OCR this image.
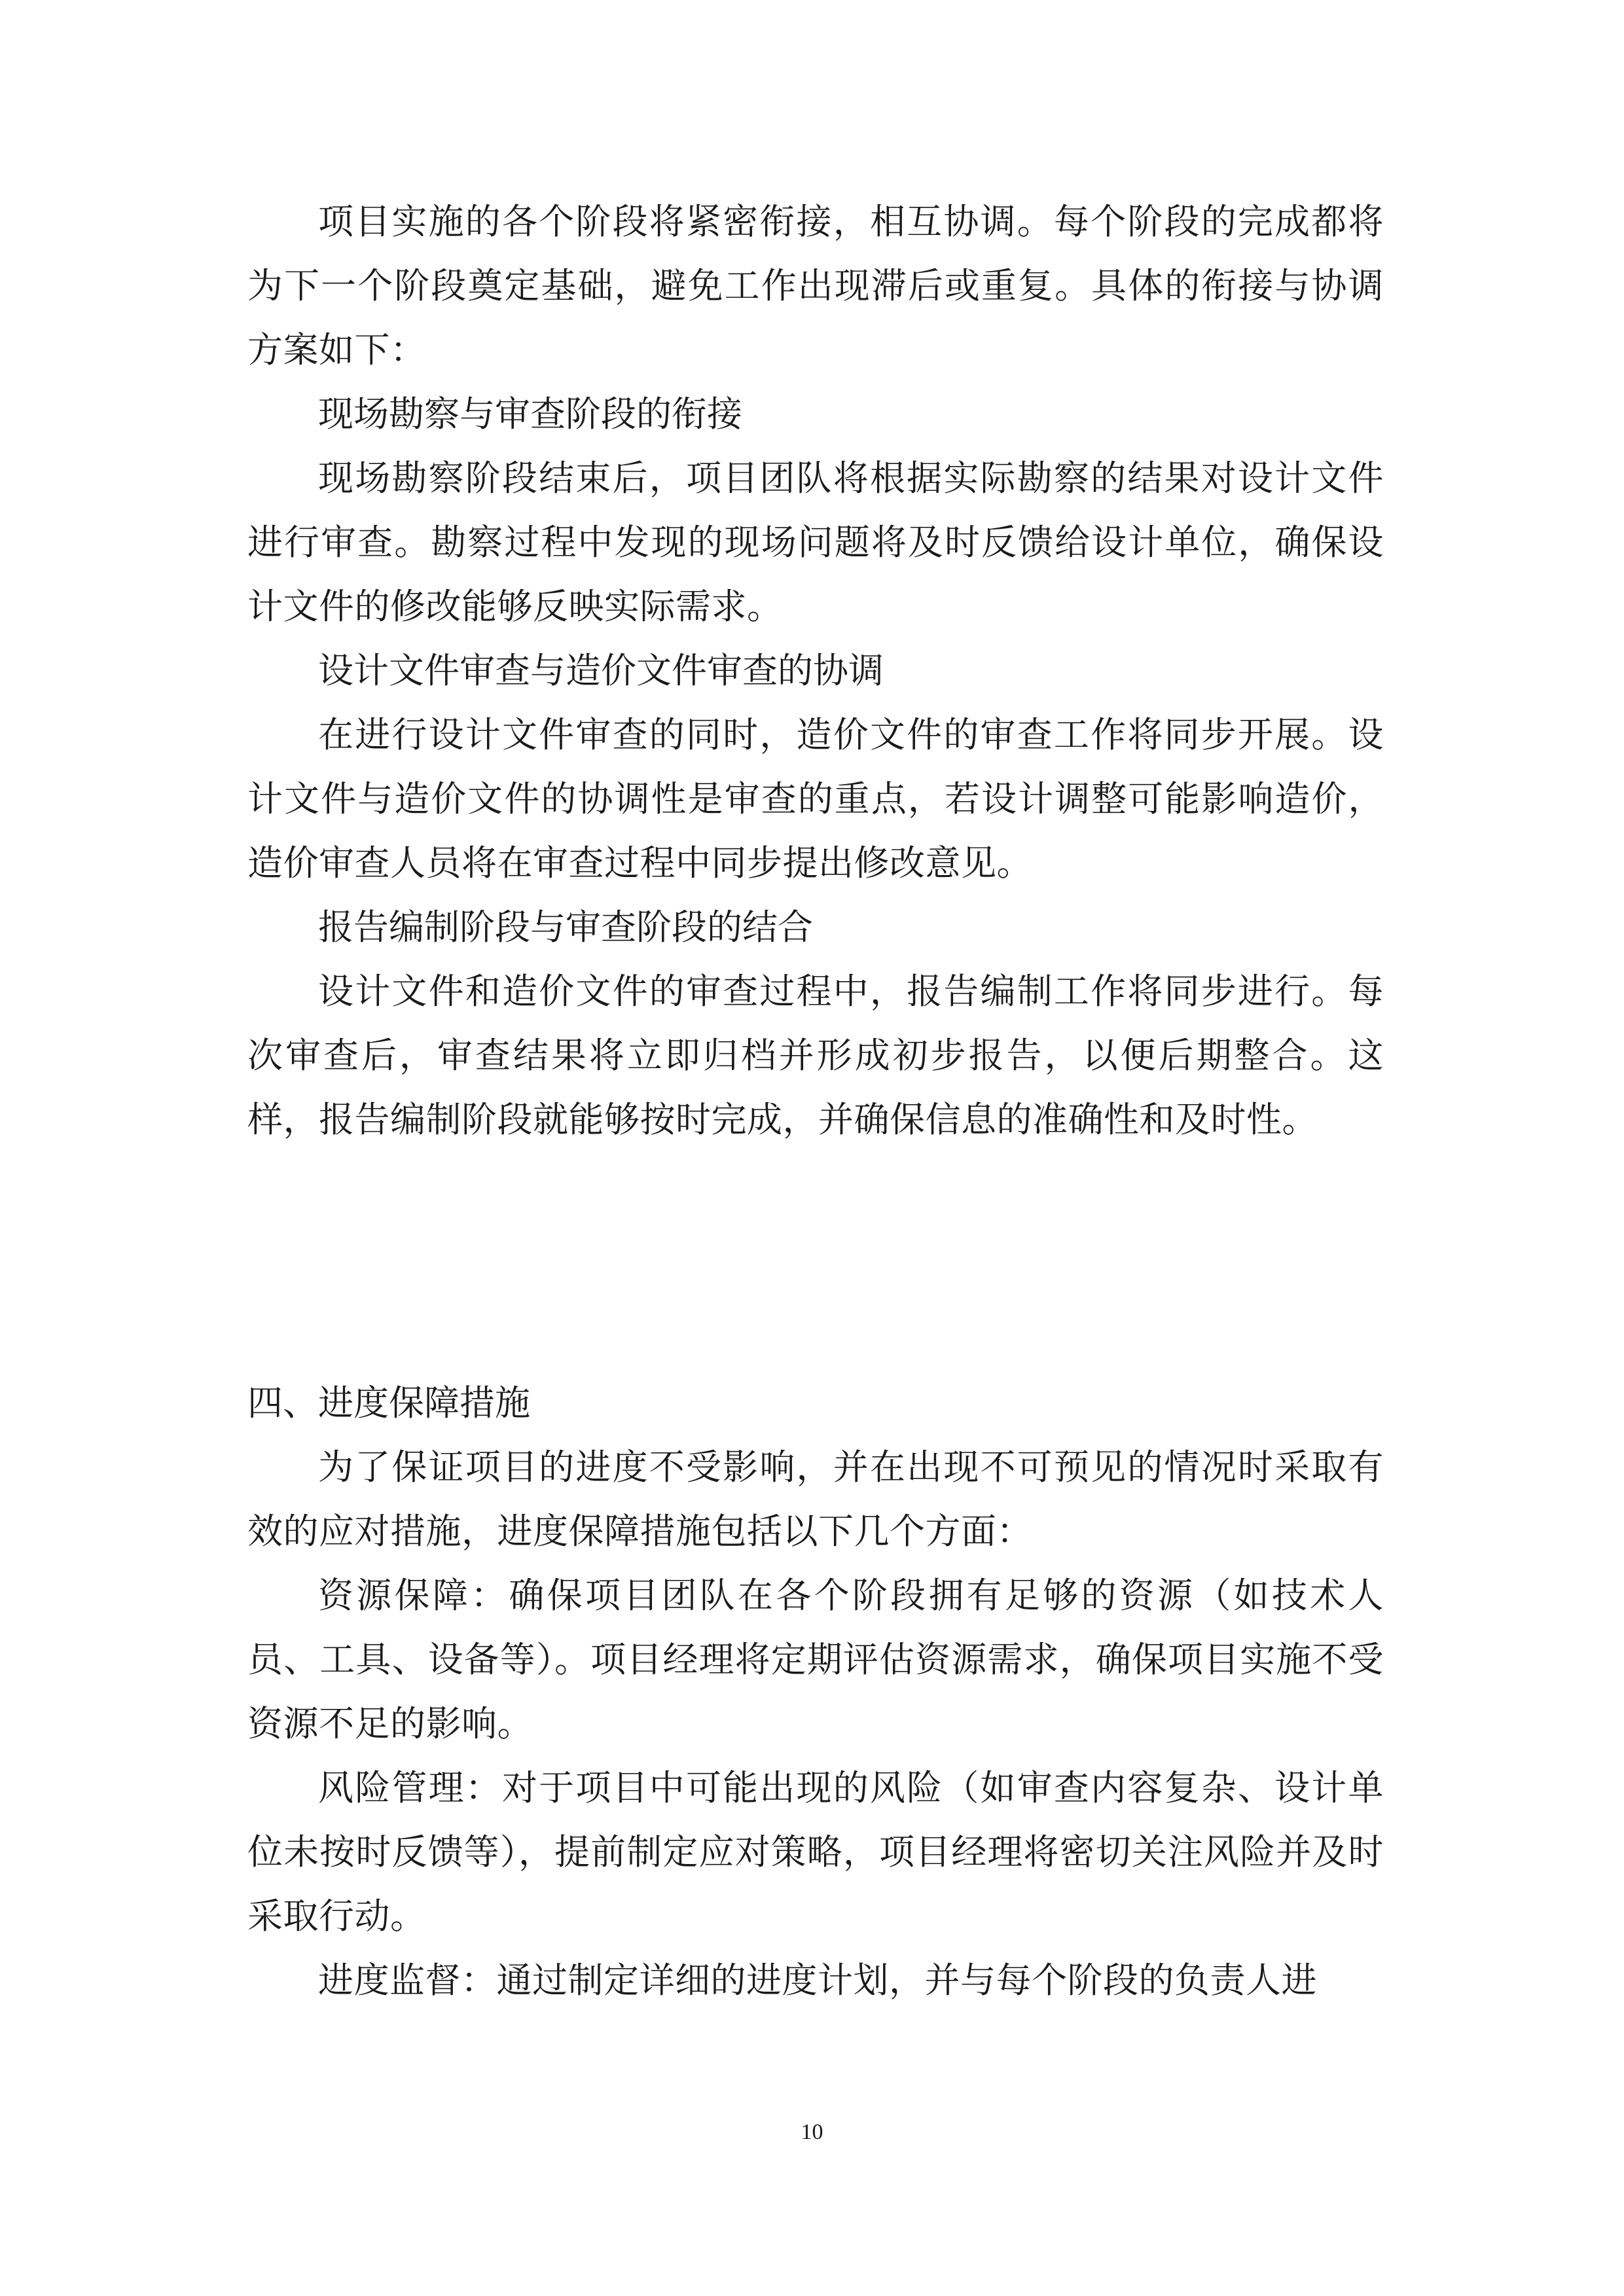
项目实施的各个阶段将紧密衔接，相互协调。每个阶段的完成都将为下一个阶段奠定基础，避免工作出现滞后或重复。具体的衔接与协调方案如下：

现场勘察与审查阶段的衔接

现场勘察阶段结束后，项目团队将根据实际勘察的结果对设计文件进行审查。勘察过程中发现的现场问题将及时反馈给设计单位，确保设计文件的修改能够反映实际需求。

设计文件审查与造价文件审查的协调

在进行设计文件审查的同时，造价文件的审查工作将同步开展。设计文件与造价文件的协调性是审查的重点，若设计调整可能影响造价，造价审查人员将在审查过程中同步提出修改意见。

报告编制阶段与审查阶段的结合

设计文件和造价文件的审查过程中，报告编制工作将同步进行。每次审查后，审查结果将立即归档并形成初步报告，以便后期整合。这样，报告编制阶段就能够按时完成，并确保信息的准确性和及时性。

四、进度保障措施

为了保证项目的进度不受影响，并在出现不可预见的情况时采取有效的应对措施，进度保障措施包括以下几个方面：

资源保障：确保项目团队在各个阶段拥有足够的资源（如技术人员、工具、设备等）。项目经理将定期评估资源需求，确保项目实施不受资源不足的影响。

风险管理：对于项目中可能出现的风险（如审查内容复杂、设计单位未按时反馈等），提前制定应对策略，项目经理将密切关注风险并及时采取行动。

进度监督：通过制定详细的进度计划，并与每个阶段的负责人进

10
